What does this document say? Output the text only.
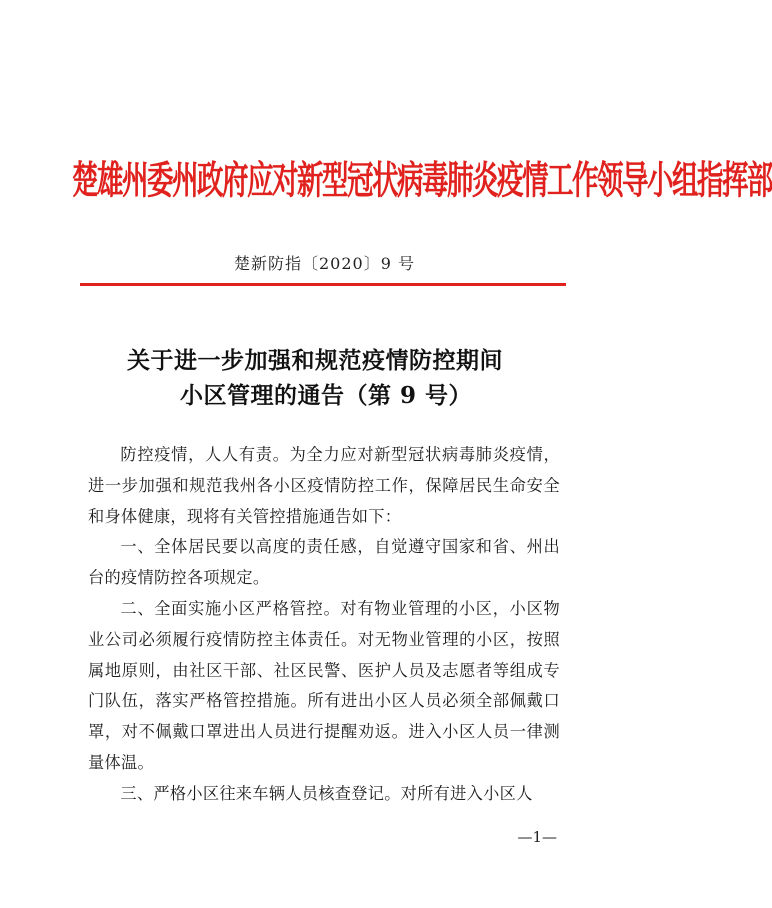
楚雄州委州政府应对新型冠状病毒肺炎疫情工作领导小组指挥部
楚新防指〔2020〕9 号
关于进一步加强和规范疫情防控期间
小区管理的通告（第 9 号）

防控疫情，人人有责。为全力应对新型冠状病毒肺炎疫情，进一步加强和规范我州各小区疫情防控工作，保障居民生命安全和身体健康，现将有关管控措施通告如下：

一、全体居民要以高度的责任感，自觉遵守国家和省、州出台的疫情防控各项规定。

二、全面实施小区严格管控。对有物业管理的小区，小区物业公司必须履行疫情防控主体责任。对无物业管理的小区，按照属地原则，由社区干部、社区民警、医护人员及志愿者等组成专门队伍，落实严格管控措施。所有进出小区人员必须全部佩戴口罩，对不佩戴口罩进出人员进行提醒劝返。进入小区人员一律测量体温。

三、严格小区往来车辆人员核查登记。对所有进入小区人

—1—
